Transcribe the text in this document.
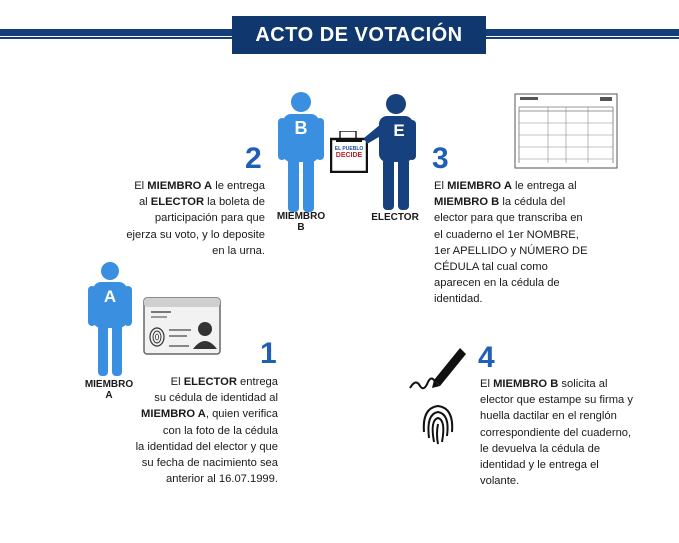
ACTO DE VOTACIÓN
B
MIEMBRO
B
EL PUEBLO
DECIDE
E
ELECTOR
2
El MIEMBRO A le entrega
al ELECTOR la boleta de
participación para que
ejerza su voto, y lo deposite
en la urna.
3
El MIEMBRO A le entrega al
MIEMBRO B la cédula del
elector para que transcriba en
el cuaderno el 1er NOMBRE,
1er APELLIDO y NÚMERO DE
CÉDULA tal cual como
aparecen en la cédula de
identidad.
A
MIEMBRO
A
1
El ELECTOR entrega
su cédula de identidad al
MIEMBRO A, quien verifica
con la foto de la cédula
la identidad del elector y que
su fecha de nacimiento sea
anterior al 16.07.1999.
4
El MIEMBRO B solicita al
elector que estampe su firma y
huella dactilar en el renglón
correspondiente del cuaderno,
le devuelva la cédula de
identidad y le entrega el
volante.
